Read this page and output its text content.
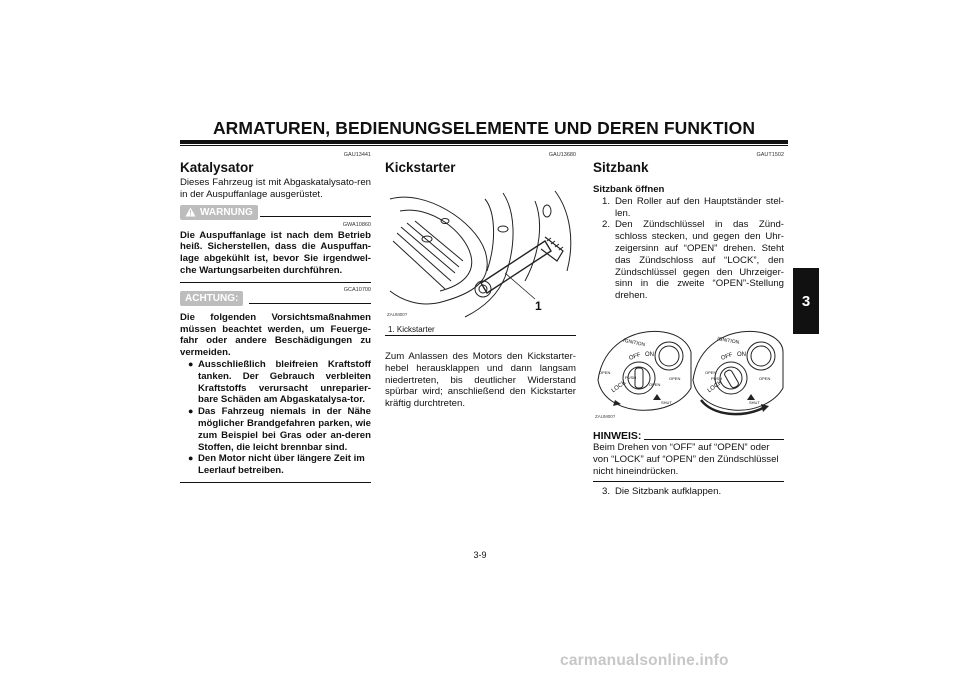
ARMATUREN, BEDIENUNGSELEMENTE UND DEREN FUNKTION
3
GAU13441
Katalysator
Dieses Fahrzeug ist mit Abgaskatalysato-ren in der Auspuffanlage ausgerüstet.
WARNUNG
GWA10860
Die Auspuffanlage ist nach dem Betrieb heiß. Sicherstellen, dass die Auspuffan-lage abgekühlt ist, bevor Sie irgendwel-che Wartungsarbeiten durchführen.
GCA10700
ACHTUNG:
Die folgenden Vorsichtsmaßnahmen müssen beachtet werden, um Feuerge-fahr oder andere Beschädigungen zu vermeiden.
● Ausschließlich bleifreien Kraftstoff tanken. Der Gebrauch verbleiten Kraftstoffs verursacht unreparier-bare Schäden am Abgaskatalysa-tor.
● Das Fahrzeug niemals in der Nähe möglicher Brandgefahren parken, wie zum Beispiel bei Gras oder an-deren Stoffen, die leicht brennbar sind.
● Den Motor nicht über längere Zeit im Leerlauf betreiben.
GAU13680
Kickstarter
1
ZAUM00?
1. Kickstarter
Zum Anlassen des Motors den Kickstarter-hebel herausklappen und dann langsam niedertreten, bis deutlicher Widerstand spürbar wird; anschließend den Kickstarter kräftig durchtreten.
GAUT1502
Sitzbank
Sitzbank öffnen
1. Den Roller auf den Hauptständer stel-len.
2. Den Zündschlüssel in das Zünd-schloss stecken, und gegen den Uhr-zeigersinn auf “OPEN” drehen. Steht das Zündschloss auf “LOCK”, den Zündschlüssel gegen den Uhrzeiger-sinn in die zweite “OPEN”-Stellung drehen.
IGNITION	IGNITION
OFF ON
LOCK
OPEN
OPEN
PUSH	OPEN
SHUT
OFF ON
LOCK
OPEN
PUSH	OPEN
SHUT
ZAUM00?
HINWEIS:
Beim Drehen von “OFF” auf “OPEN” oder von “LOCK” auf “OPEN” den Zündschlüssel nicht hineindrücken.
3. Die Sitzbank aufklappen.
3-9
carmanualsonline.info
